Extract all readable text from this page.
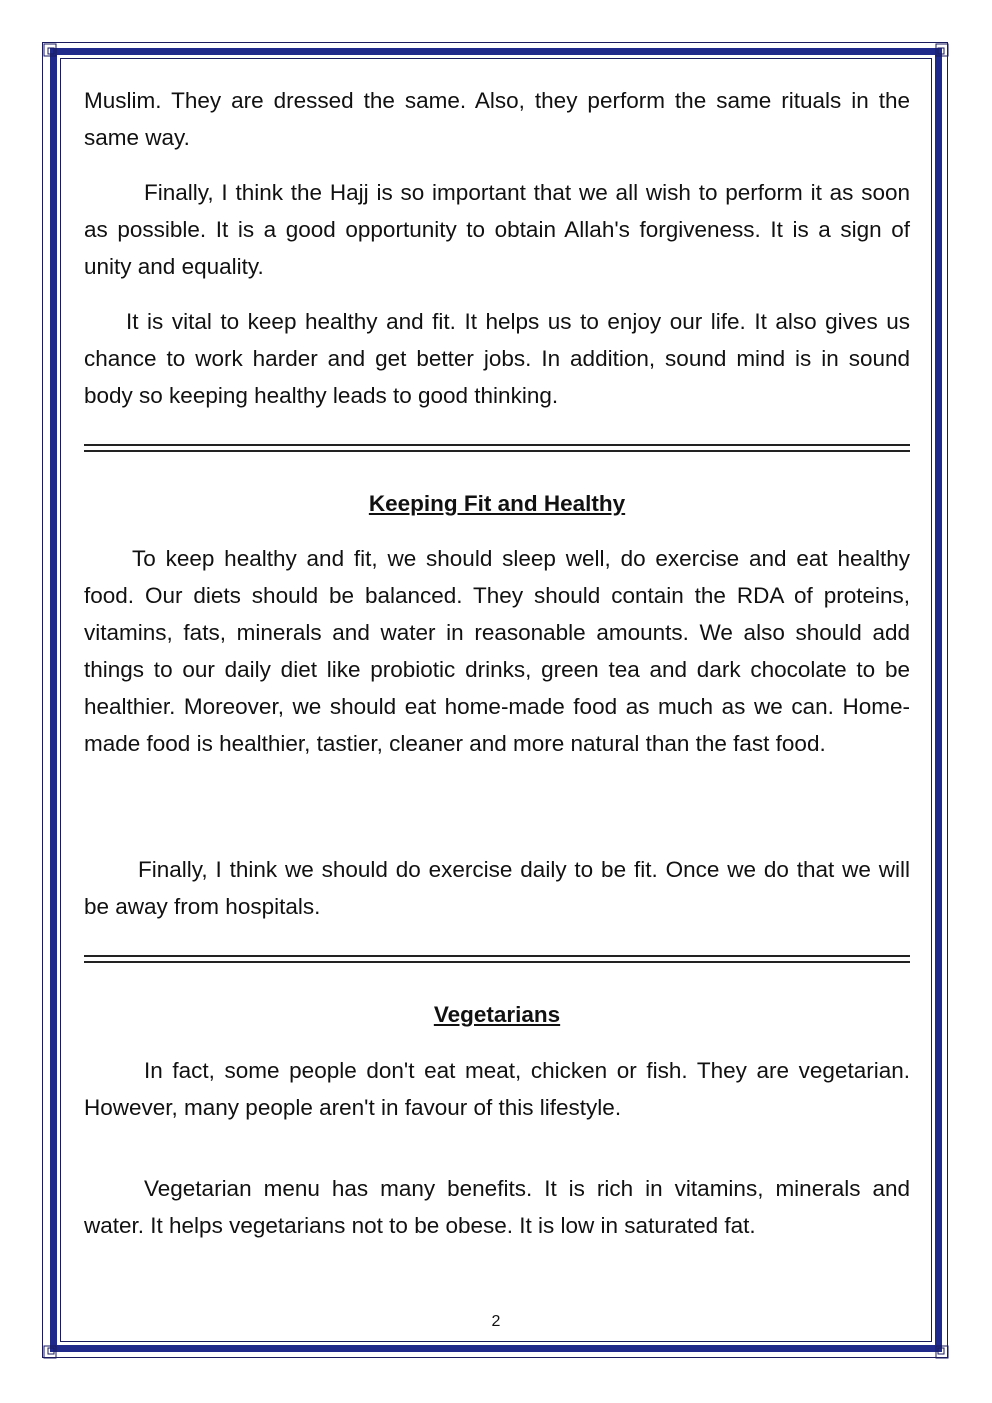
Muslim. They are dressed the same. Also, they perform the same rituals in the same way.

Finally, I think the Hajj is so important that we all wish to perform it as soon as possible. It is a good opportunity to obtain Allah's forgiveness. It is a sign of unity and equality.

It is vital to keep healthy and fit. It helps us to enjoy our life. It also gives us chance to work harder and get better jobs. In addition, sound mind is in sound body so keeping healthy leads to good thinking.

Keeping Fit and Healthy

To keep healthy and fit, we should sleep well, do exercise and eat healthy food. Our diets should be balanced. They should contain the RDA of proteins, vitamins, fats, minerals and water in reasonable amounts. We also should add things to our daily diet like probiotic drinks, green tea and dark chocolate to be healthier. Moreover, we should eat home-made food as much as we can. Home-made food is healthier, tastier, cleaner and more natural than the fast food.

Finally, I think we should do exercise daily to be fit. Once we do that we will be away from hospitals.

Vegetarians

In fact, some people don't eat meat, chicken or fish. They are vegetarian. However, many people aren't in favour of this lifestyle.

Vegetarian menu has many benefits. It is rich in vitamins, minerals and water. It helps vegetarians not to be obese. It is low in saturated fat.

2
